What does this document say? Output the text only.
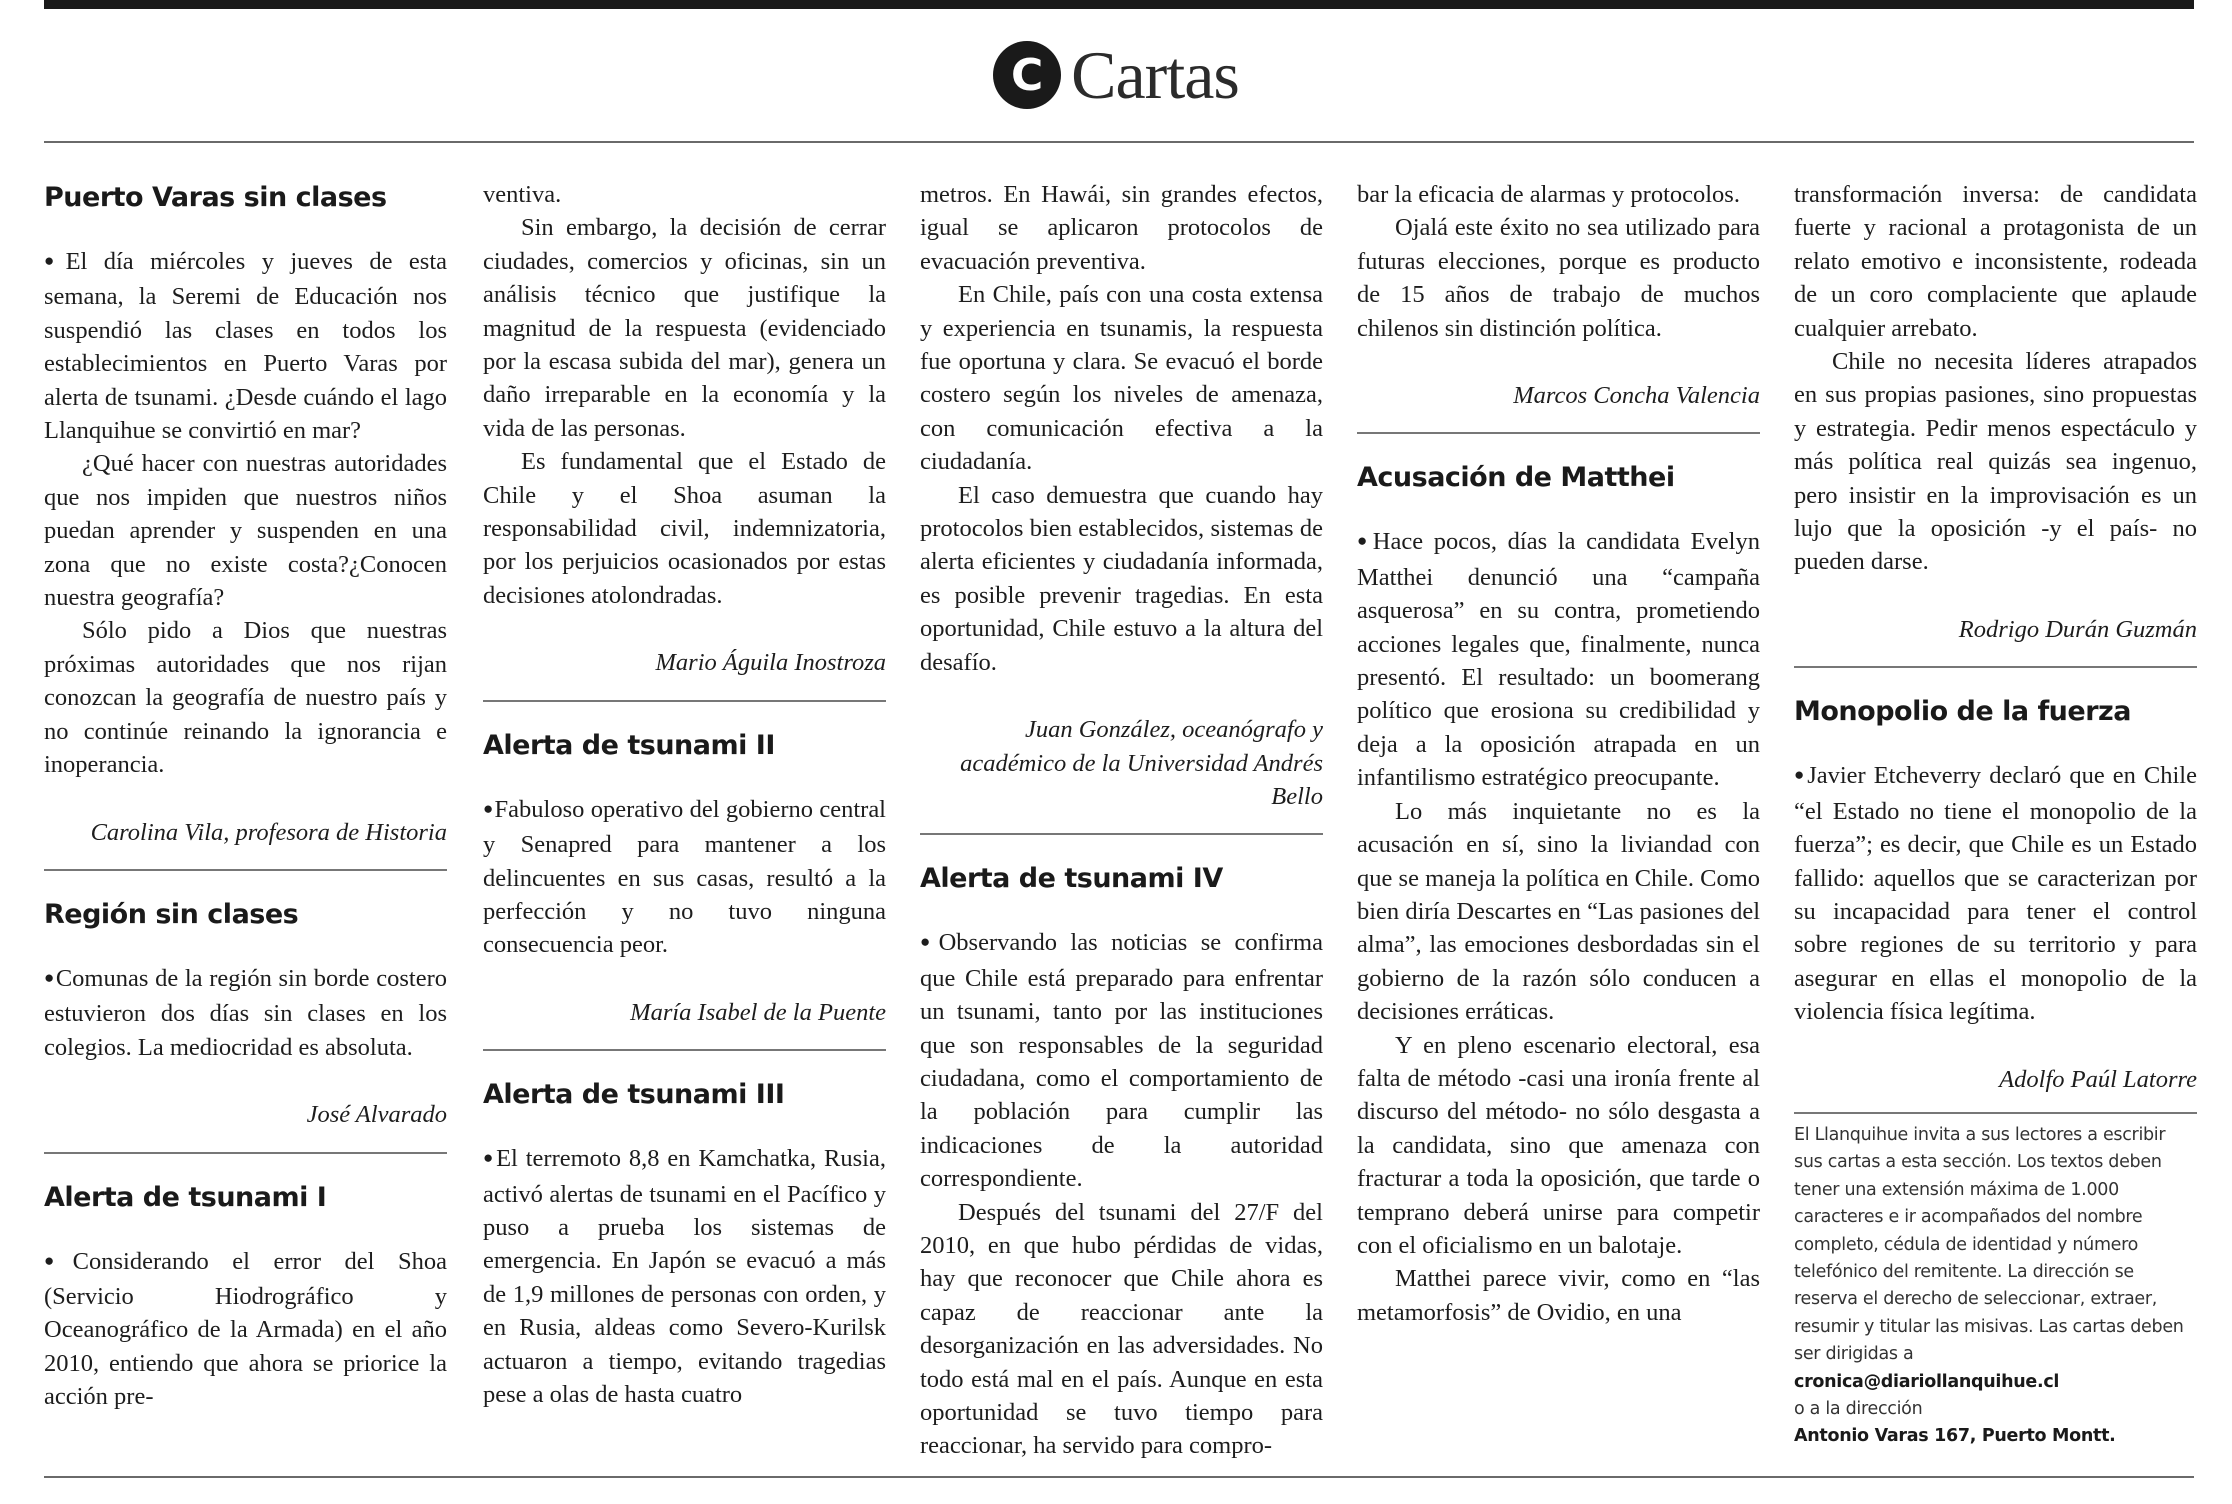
C Cartas
Puerto Varas sin clases

● El día miércoles y jueves de esta semana, la Seremi de Educación nos suspendió las clases en todos los establecimientos en Puerto Varas por alerta de tsunami. ¿Desde cuándo el lago Llanquihue se convirtió en mar?

¿Qué hacer con nuestras autoridades que nos impiden que nuestros niños puedan aprender y suspenden en una zona que no existe costa?¿Conocen nuestra geografía?

Sólo pido a Dios que nuestras próximas autoridades que nos rijan conozcan la geografía de nuestro país y no continúe reinando la ignorancia e inoperancia.

Carolina Vila, profesora de Historia
Región sin clases

● Comunas de la región sin borde costero estuvieron dos días sin clases en los colegios. La mediocridad es absoluta.

José Alvarado
Alerta de tsunami I

● Considerando el error del Shoa (Servicio Hiodrográfico y Oceanográfico de la Armada) en el año 2010, entiendo que ahora se priorice la acción pre-

ventiva.

Sin embargo, la decisión de cerrar ciudades, comercios y oficinas, sin un análisis técnico que justifique la magnitud de la respuesta (evidenciado por la escasa subida del mar), genera un daño irreparable en la economía y la vida de las personas.

Es fundamental que el Estado de Chile y el Shoa asuman la responsabilidad civil, indemnizatoria, por los perjuicios ocasionados por estas decisiones atolondradas.

Mario Águila Inostroza
Alerta de tsunami II

● Fabuloso operativo del gobierno central y Senapred para mantener a los delincuentes en sus casas, resultó a la perfección y no tuvo ninguna consecuencia peor.

María Isabel de la Puente
Alerta de tsunami III

● El terremoto 8,8 en Kamchatka, Rusia, activó alertas de tsunami en el Pacífico y puso a prueba los sistemas de emergencia. En Japón se evacuó a más de 1,9 millones de personas con orden, y en Rusia, aldeas como Severo-Kurilsk actuaron a tiempo, evitando tragedias pese a olas de hasta cuatro

metros. En Hawái, sin grandes efectos, igual se aplicaron protocolos de evacuación preventiva.

En Chile, país con una costa extensa y experiencia en tsunamis, la respuesta fue oportuna y clara. Se evacuó el borde costero según los niveles de amenaza, con comunicación efectiva a la ciudadanía.

El caso demuestra que cuando hay protocolos bien establecidos, sistemas de alerta eficientes y ciudadanía informada, es posible prevenir tragedias. En esta oportunidad, Chile estuvo a la altura del desafío.

Juan González, oceanógrafo y académico de la Universidad Andrés Bello
Alerta de tsunami IV

● Observando las noticias se confirma que Chile está preparado para enfrentar un tsunami, tanto por las instituciones que son responsables de la seguridad ciudadana, como el comportamiento de la población para cumplir las indicaciones de la autoridad correspondiente.

Después del tsunami del 27/F del 2010, en que hubo pérdidas de vidas, hay que reconocer que Chile ahora es capaz de reaccionar ante la desorganización en las adversidades. No todo está mal en el país. Aunque en esta oportunidad se tuvo tiempo para reaccionar, ha servido para compro-

bar la eficacia de alarmas y protocolos.

Ojalá este éxito no sea utilizado para futuras elecciones, porque es producto de 15 años de trabajo de muchos chilenos sin distinción política.

Marcos Concha Valencia
Acusación de Matthei

● Hace pocos, días la candidata Evelyn Matthei denunció una “campaña asquerosa” en su contra, prometiendo acciones legales que, finalmente, nunca presentó. El resultado: un boomerang político que erosiona su credibilidad y deja a la oposición atrapada en un infantilismo estratégico preocupante.

Lo más inquietante no es la acusación en sí, sino la liviandad con que se maneja la política en Chile. Como bien diría Descartes en “Las pasiones del alma”, las emociones desbordadas sin el gobierno de la razón sólo conducen a decisiones erráticas.

Y en pleno escenario electoral, esa falta de método -casi una ironía frente al discurso del método- no sólo desgasta a la candidata, sino que amenaza con fracturar a toda la oposición, que tarde o temprano deberá unirse para competir con el oficialismo en un balotaje.

Matthei parece vivir, como en “las metamorfosis” de Ovidio, en una

transformación inversa: de candidata fuerte y racional a protagonista de un relato emotivo e inconsistente, rodeada de un coro complaciente que aplaude cualquier arrebato.

Chile no necesita líderes atrapados en sus propias pasiones, sino propuestas y estrategia. Pedir menos espectáculo y más política real quizás sea ingenuo, pero insistir en la improvisación es un lujo que la oposición -y el país- no pueden darse.

Rodrigo Durán Guzmán
Monopolio de la fuerza

● Javier Etcheverry declaró que en Chile “el Estado no tiene el monopolio de la fuerza”; es decir, que Chile es un Estado fallido: aquellos que se caracterizan por su incapacidad para tener el control sobre regiones de su territorio y para asegurar en ellas el monopolio de la violencia física legítima.

Adolfo Paúl Latorre
El Llanquihue invita a sus lectores a escribir sus cartas a esta sección. Los textos deben tener una extensión máxima de 1.000 caracteres e ir acompañados del nombre completo, cédula de identidad y número telefónico del remitente. La dirección se reserva el derecho de seleccionar, extraer, resumir y titular las misivas. Las cartas deben ser dirigidas a
cronica@diariollanquihue.cl
o a la dirección
Antonio Varas 167, Puerto Montt.
